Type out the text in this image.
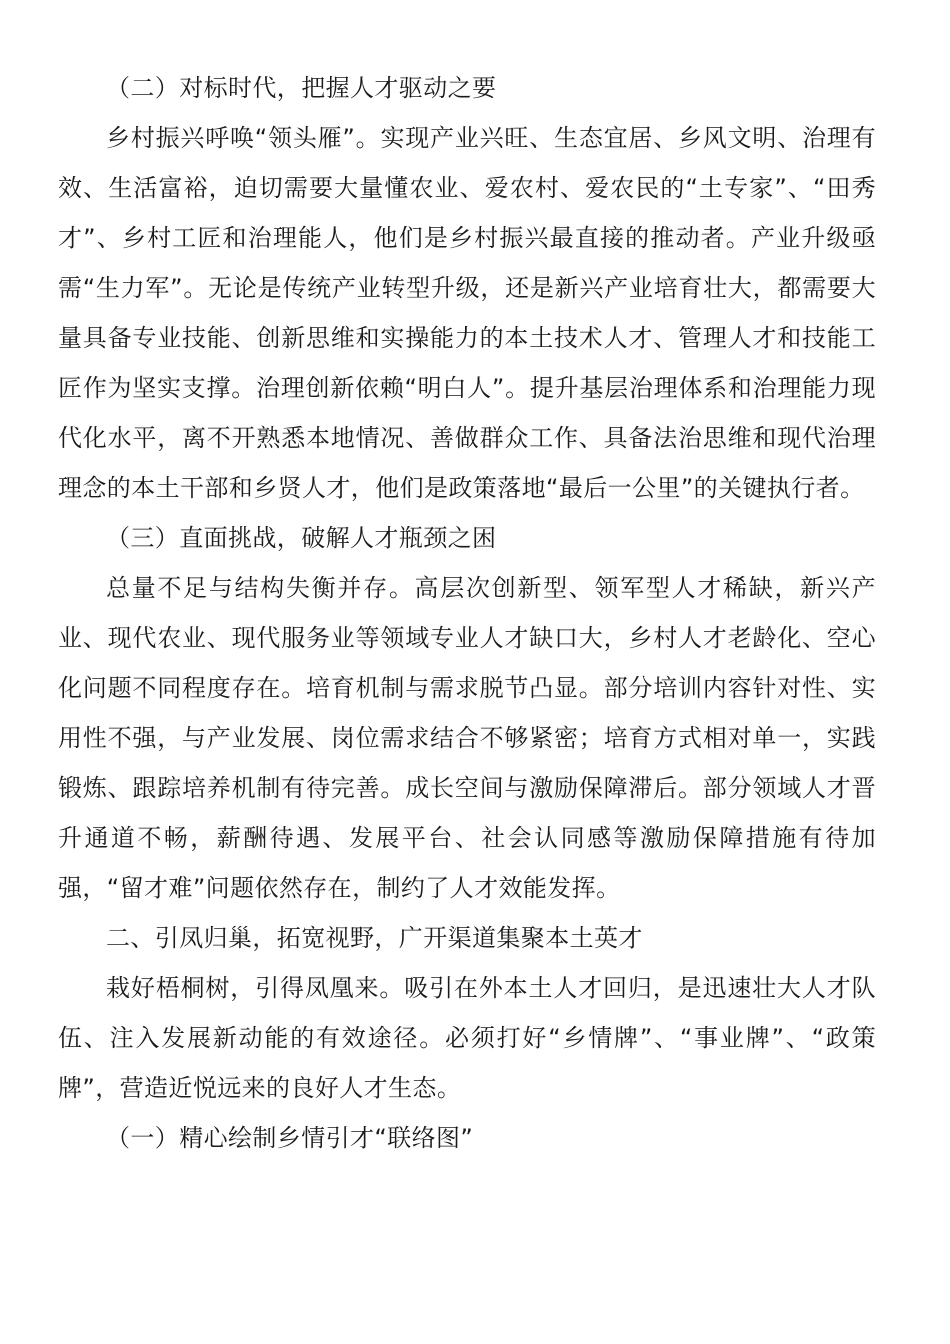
（二）对标时代，把握人才驱动之要

乡村振兴呼唤“领头雁”。实现产业兴旺、生态宜居、乡风文明、治理有效、生活富裕，迫切需要大量懂农业、爱农村、爱农民的“土专家”、“田秀才”、乡村工匠和治理能人，他们是乡村振兴最直接的推动者。产业升级亟需“生力军”。无论是传统产业转型升级，还是新兴产业培育壮大，都需要大量具备专业技能、创新思维和实操能力的本土技术人才、管理人才和技能工匠作为坚实支撑。治理创新依赖“明白人”。提升基层治理体系和治理能力现代化水平，离不开熟悉本地情况、善做群众工作、具备法治思维和现代治理理念的本土干部和乡贤人才，他们是政策落地“最后一公里”的关键执行者。

（三）直面挑战，破解人才瓶颈之困

总量不足与结构失衡并存。高层次创新型、领军型人才稀缺，新兴产业、现代农业、现代服务业等领域专业人才缺口大，乡村人才老龄化、空心化问题不同程度存在。培育机制与需求脱节凸显。部分培训内容针对性、实用性不强，与产业发展、岗位需求结合不够紧密；培育方式相对单一，实践锻炼、跟踪培养机制有待完善。成长空间与激励保障滞后。部分领域人才晋升通道不畅，薪酬待遇、发展平台、社会认同感等激励保障措施有待加强，“留才难”问题依然存在，制约了人才效能发挥。

二、引凤归巢，拓宽视野，广开渠道集聚本土英才

栽好梧桐树，引得凤凰来。吸引在外本土人才回归，是迅速壮大人才队伍、注入发展新动能的有效途径。必须打好“乡情牌”、“事业牌”、“政策牌”，营造近悦远来的良好人才生态。

（一）精心绘制乡情引才“联络图”
